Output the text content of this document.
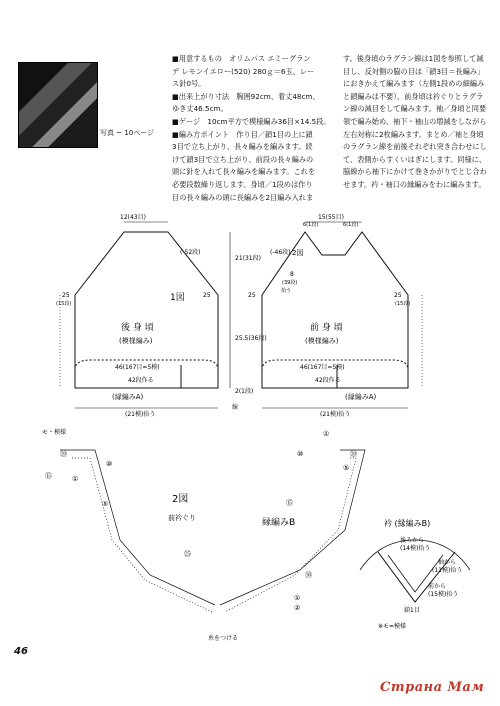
写真 ~ 10ページ

■用意するもの　オリムパス エミーグラン

デ レモンイエロー(520) 280ｇ＝6玉、レー

ス針0号。

■出来上がり寸法　胸囲92cm、着丈48cm、

ゆき丈46.5cm。

■ゲージ　10cm平方で模様編み36目×14.5段。

■編み方ポイント　作り目／鎖1目の上に鎖

3目で立ち上がり、長々編みを編みます。続

けて鎖3目で立ち上がり、前段の長々編みの

頭に針を入れて長々編みを編みます。これを

必要段数繰り返します。身頃／1段めは作り

目の長々編みの頭に長編みを2目編み入れま

す。後身頃のラグラン線は1図を参照して減

目し、反対側の脇の目は「鎖3目＝長編み」

におきかえて編みます（左側1段めの細編み

と鎖編みは不要）。前身頃は衿ぐりとラグラ

ン線の減目をして編みます。袖／身頃と同要

領で編み始め、袖下・袖山の増減をしながら

左右対称に2枚編みます。まとめ／袖と身頃

のラグラン線を前後それぞれ突き合わせにし

て、表側からすくいはぎにします。同様に、

脇線から袖下にかけて巻きかがりでとじ合わ

せます。衿・袖口の縁編みをわに編みます。

12(43目)	15(55目)
(-52段)	(-46段)
1図
後 身 頃
(模様編み)
前 身 頃
(模様編み)
46(167目=5模)	46(167目=5模)
42段作る	42段作る
(縁編みA)	(縁編みA)
(21模)拾う	(21模)拾う
25
(15段)
25	25	25
(15段)
21(31段)
25.5(36段)
2(1段)
2図
8
(39段)
拾う
6(1段)	6(1段)
線
モ・模様
2図
前衿ぐり	縁編みB
糸をつける
⑳
⑮
⑩
⑤
①
①
⑤
⑩
⑮
⑳
㉕
㉚
①
②
衿 (縁編みB)
後ろから
(14模)拾う
袖から
(11模)拾う
前から
(15模)拾う
鎖1目
※モ=模様
46
Страна Мам
